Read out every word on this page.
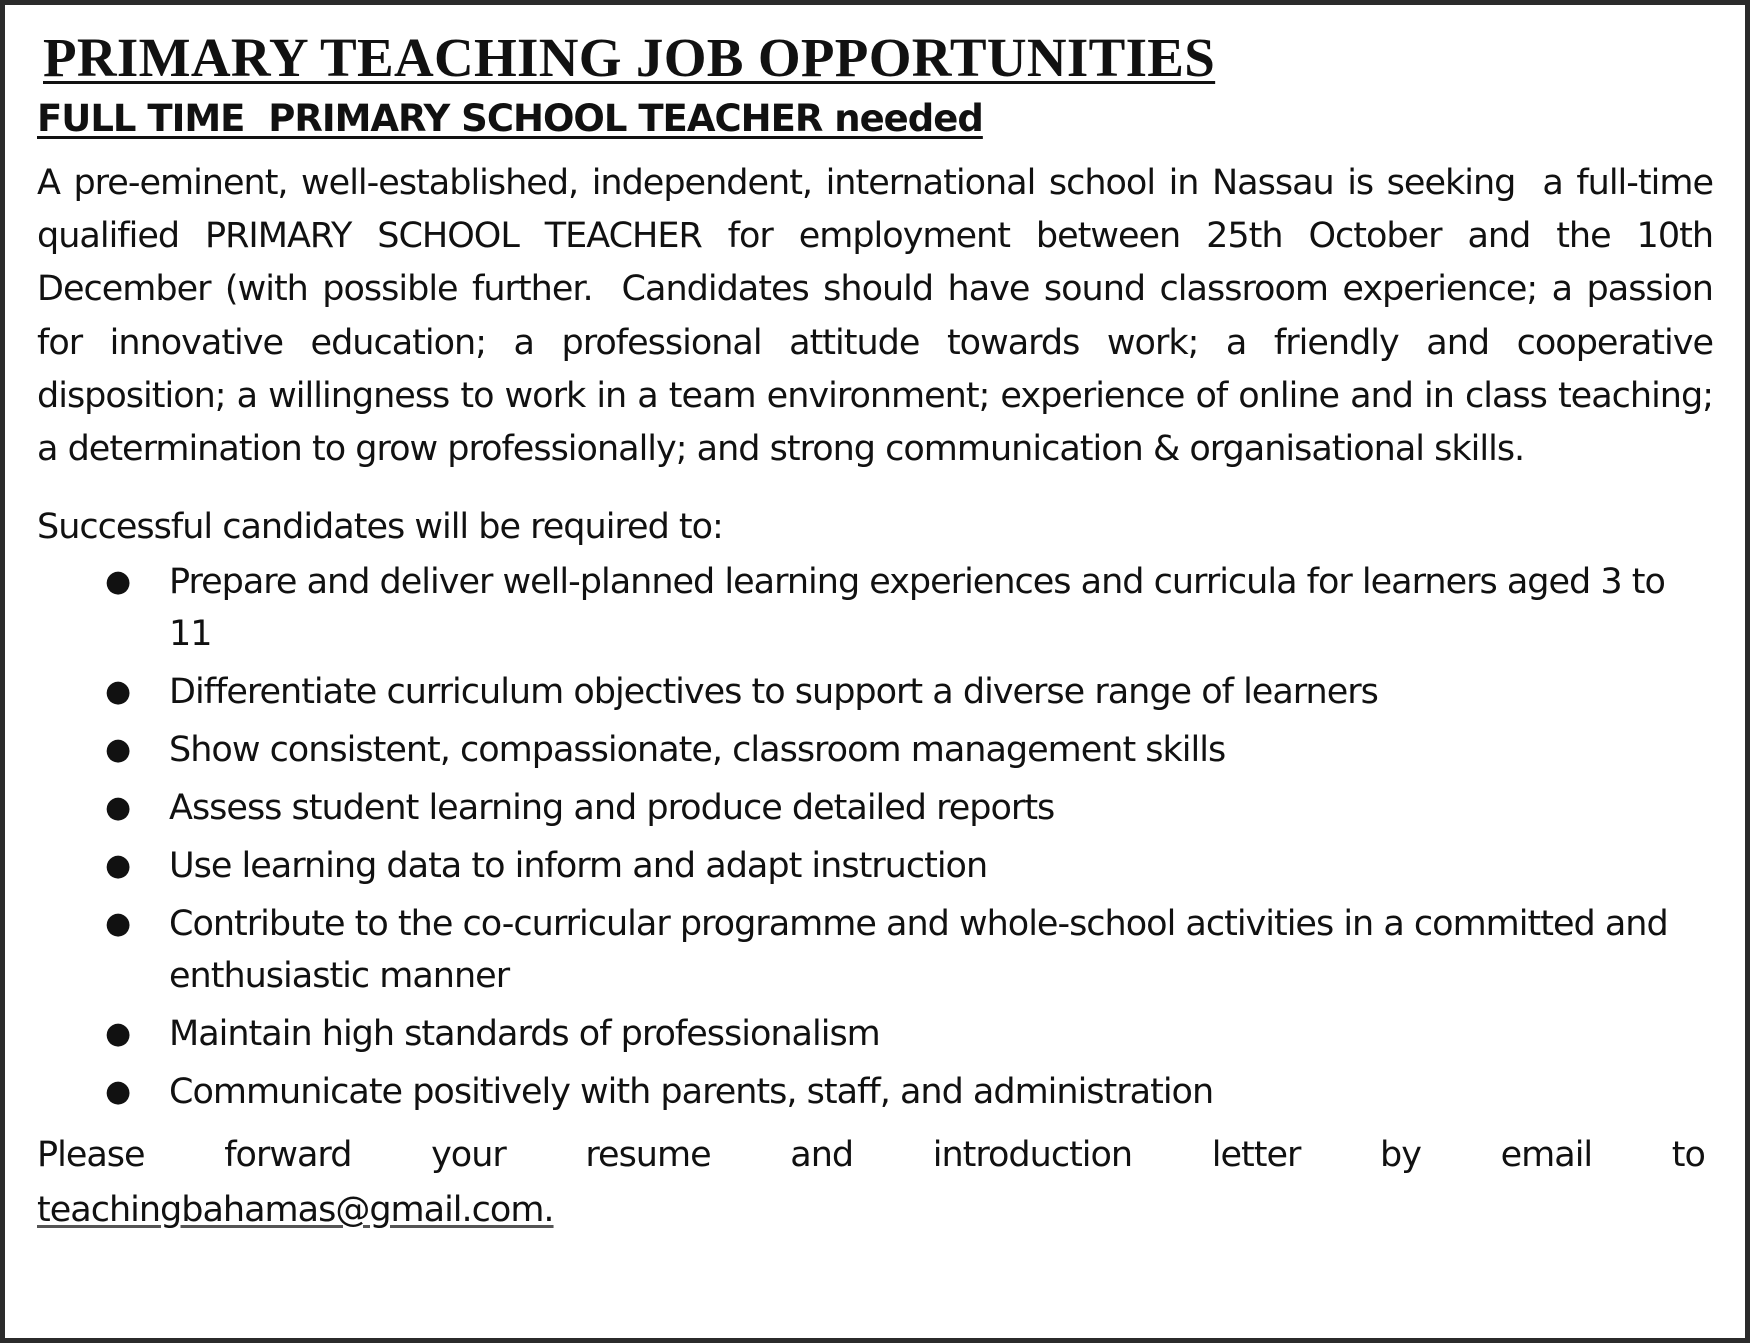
PRIMARY TEACHING JOB OPPORTUNITIES
FULL TIME  PRIMARY SCHOOL TEACHER needed

A pre-eminent, well-established, independent, international school in Nassau is seeking  a full-time qualified PRIMARY SCHOOL TEACHER for employment between 25th October and the 10th December (with possible further.  Candidates should have sound classroom experience; a passion for innovative education; a professional attitude towards work; a friendly and cooperative disposition; a willingness to work in a team environment; experience of online and in class teaching; a determination to grow professionally; and strong communication & organisational skills.

Successful candidates will be required to:

●	Prepare and deliver well-planned learning experiences and curricula for learners aged 3 to 11
●	Differentiate curriculum objectives to support a diverse range of learners
●	Show consistent, compassionate, classroom management skills
●	Assess student learning and produce detailed reports
●	Use learning data to inform and adapt instruction
●	Contribute to the co-curricular programme and whole-school activities in a committed and enthusiastic manner
●	Maintain high standards of professionalism
●	Communicate positively with parents, staff, and administration
Please forward your resume and introduction letter by email to
teachingbahamas@gmail.com.
